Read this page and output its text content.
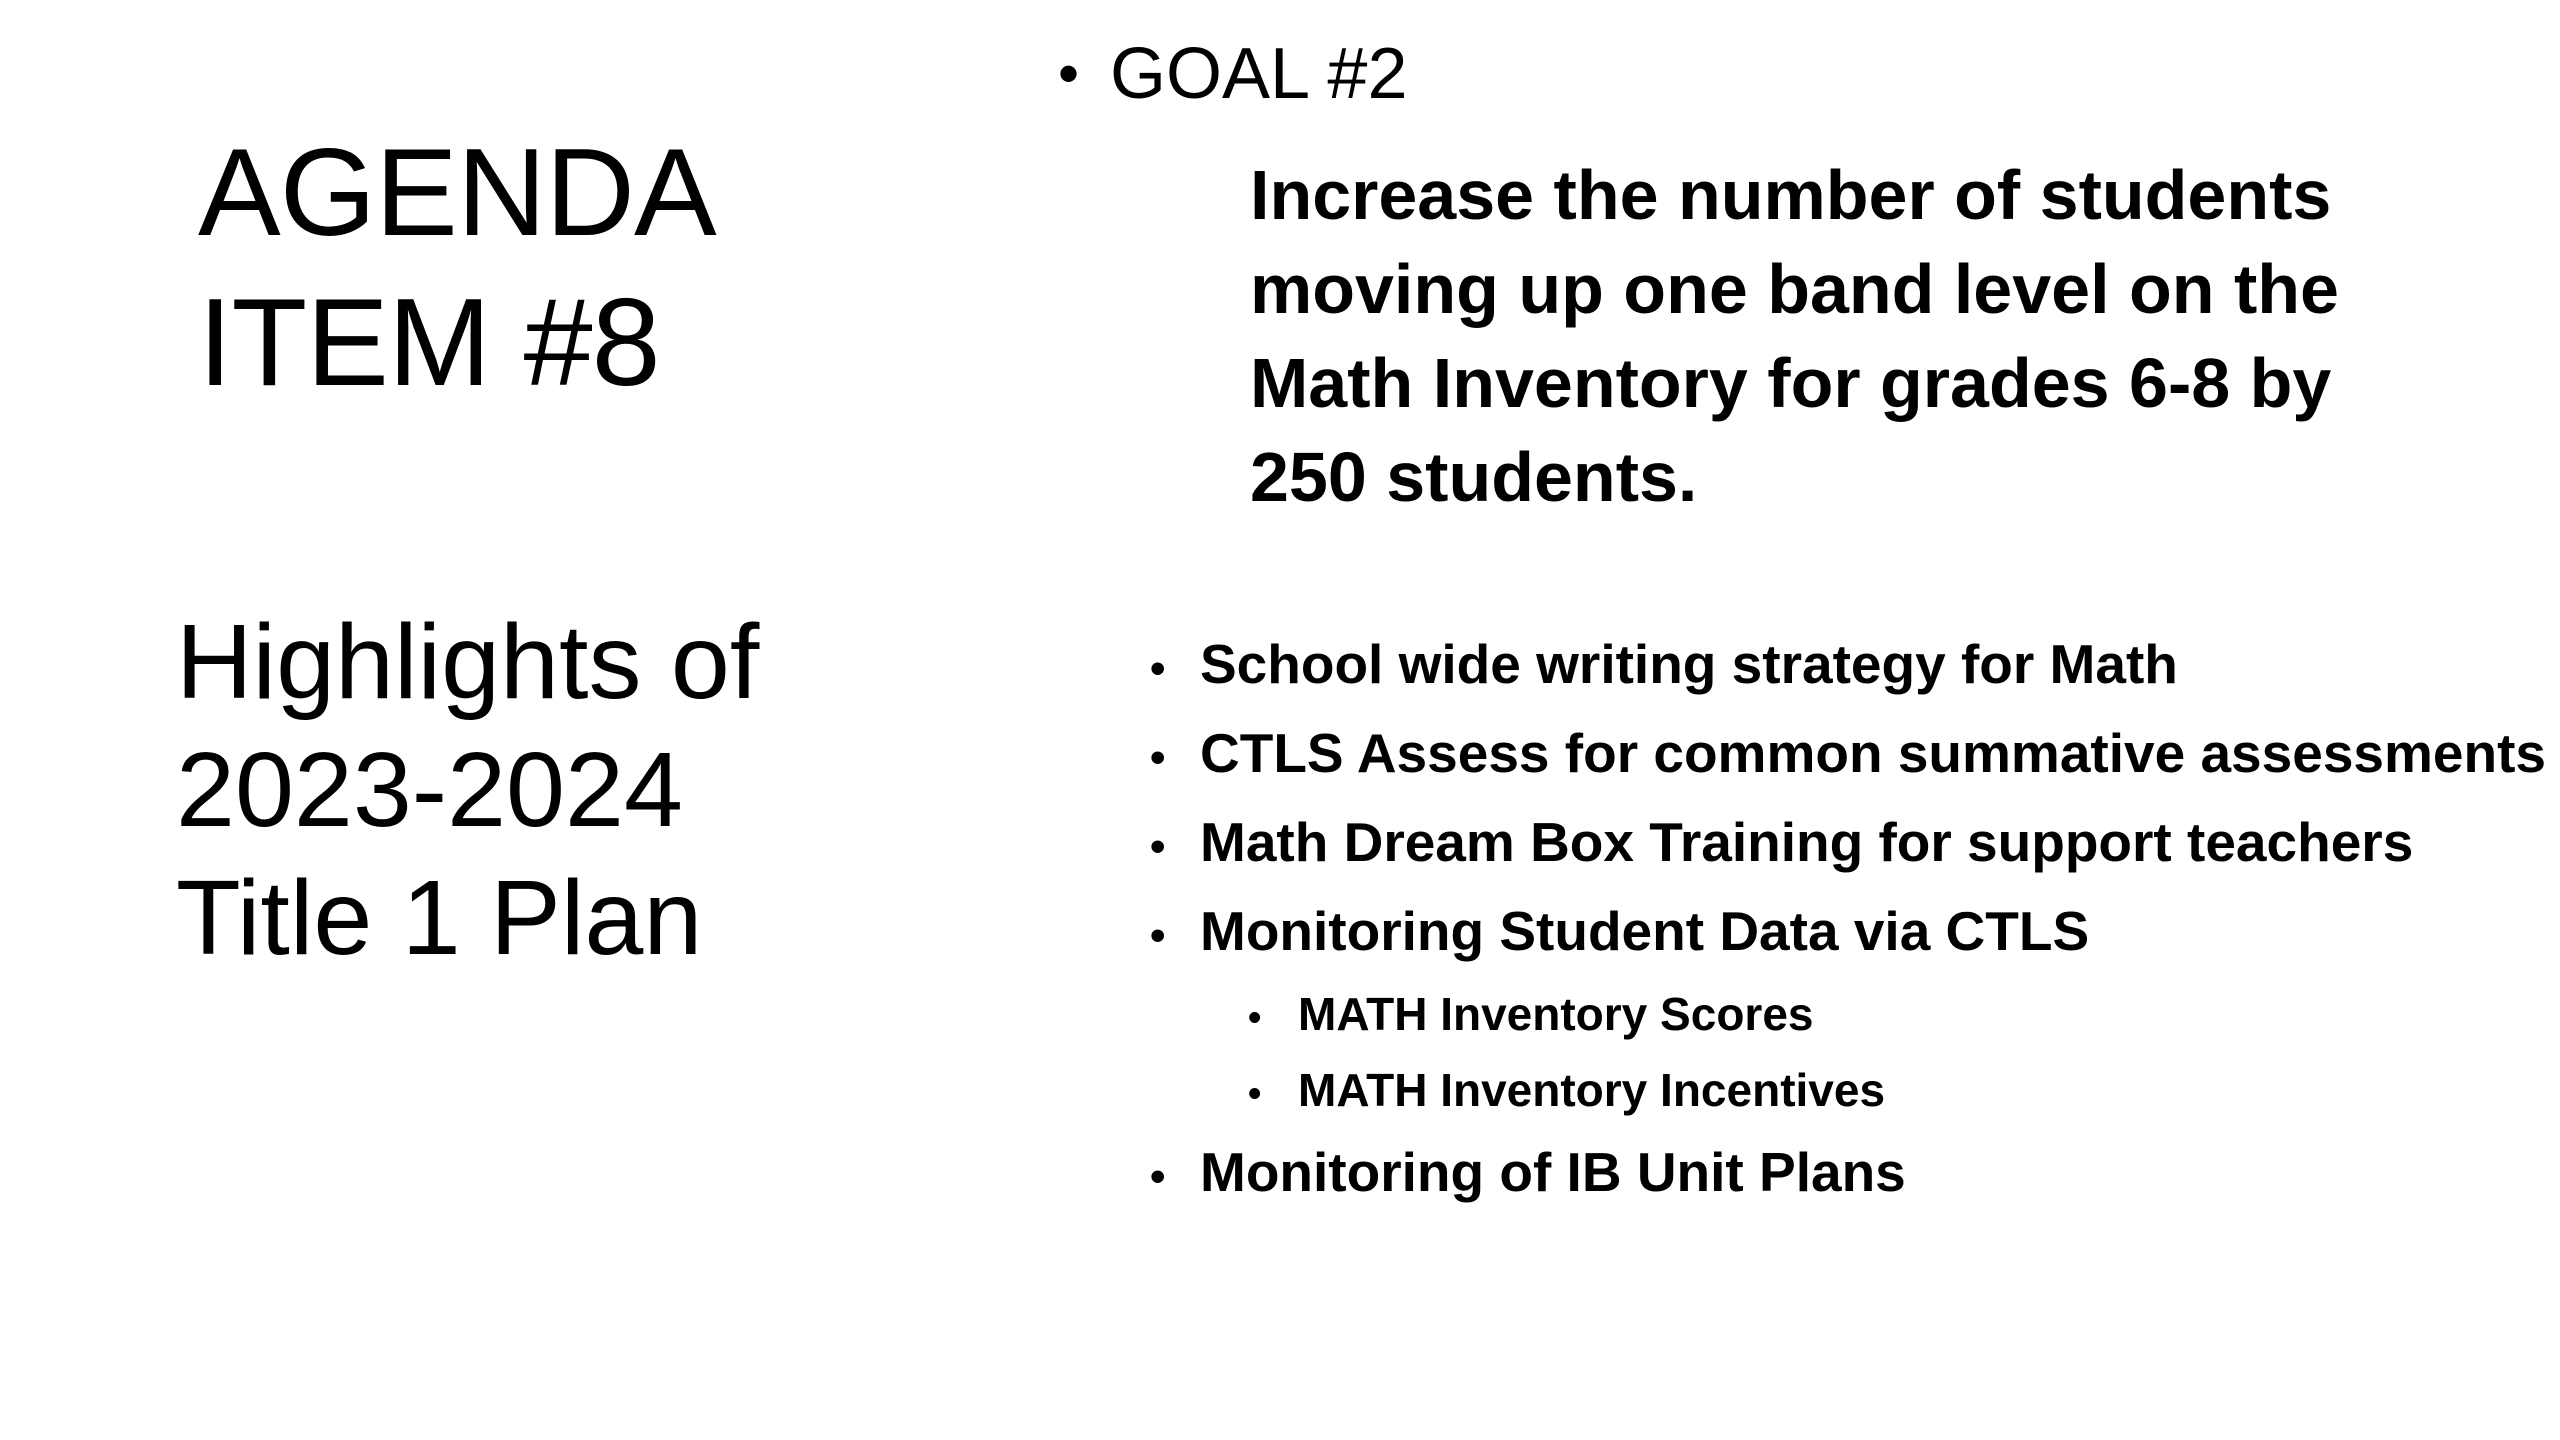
AGENDA
ITEM #8
Highlights of
2023-2024
Title 1 Plan
• GOAL #2

Increase the number of students
moving up one band level on the
Math Inventory for grades 6-8 by
250 students.

• School wide writing strategy for Math
• CTLS Assess for common summative assessments
• Math Dream Box Training for support teachers
• Monitoring Student Data via CTLS
• MATH Inventory Scores
• MATH Inventory Incentives
• Monitoring of IB Unit Plans
